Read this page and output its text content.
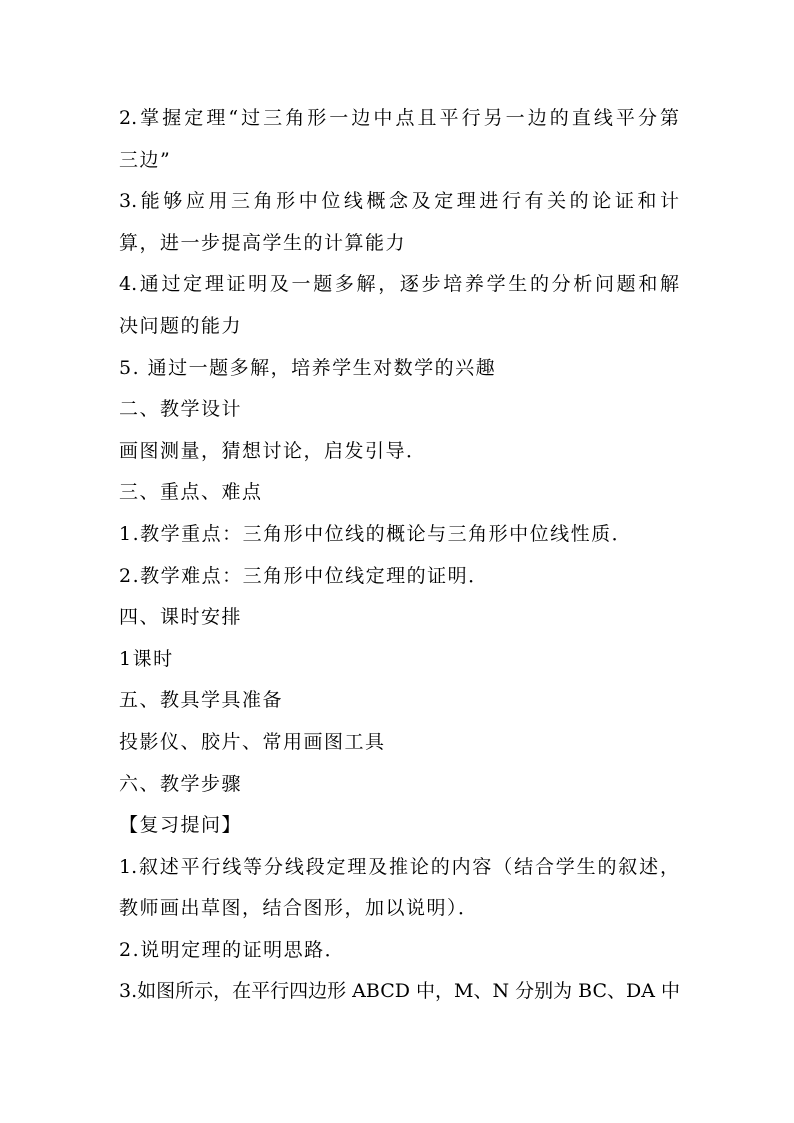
2.掌握定理“过三角形一边中点且平行另一边的直线平分第
三边”
3.能够应用三角形中位线概念及定理进行有关的论证和计
算，进一步提高学生的计算能力
4.通过定理证明及一题多解，逐步培养学生的分析问题和解
决问题的能力
5. 通过一题多解，培养学生对数学的兴趣
二、教学设计
画图测量，猜想讨论，启发引导．
三、重点、难点
1.教学重点：三角形中位线的概论与三角形中位线性质．
2.教学难点：三角形中位线定理的证明．
四、课时安排
1课时
五、教具学具准备
投影仪、胶片、常用画图工具
六、教学步骤
【复习提问】
1.叙述平行线等分线段定理及推论的内容（结合学生的叙述，
教师画出草图，结合图形，加以说明）．
2.说明定理的证明思路．
3.如图所示，在平行四边形 ABCD 中，M、N 分别为 BC、DA 中
